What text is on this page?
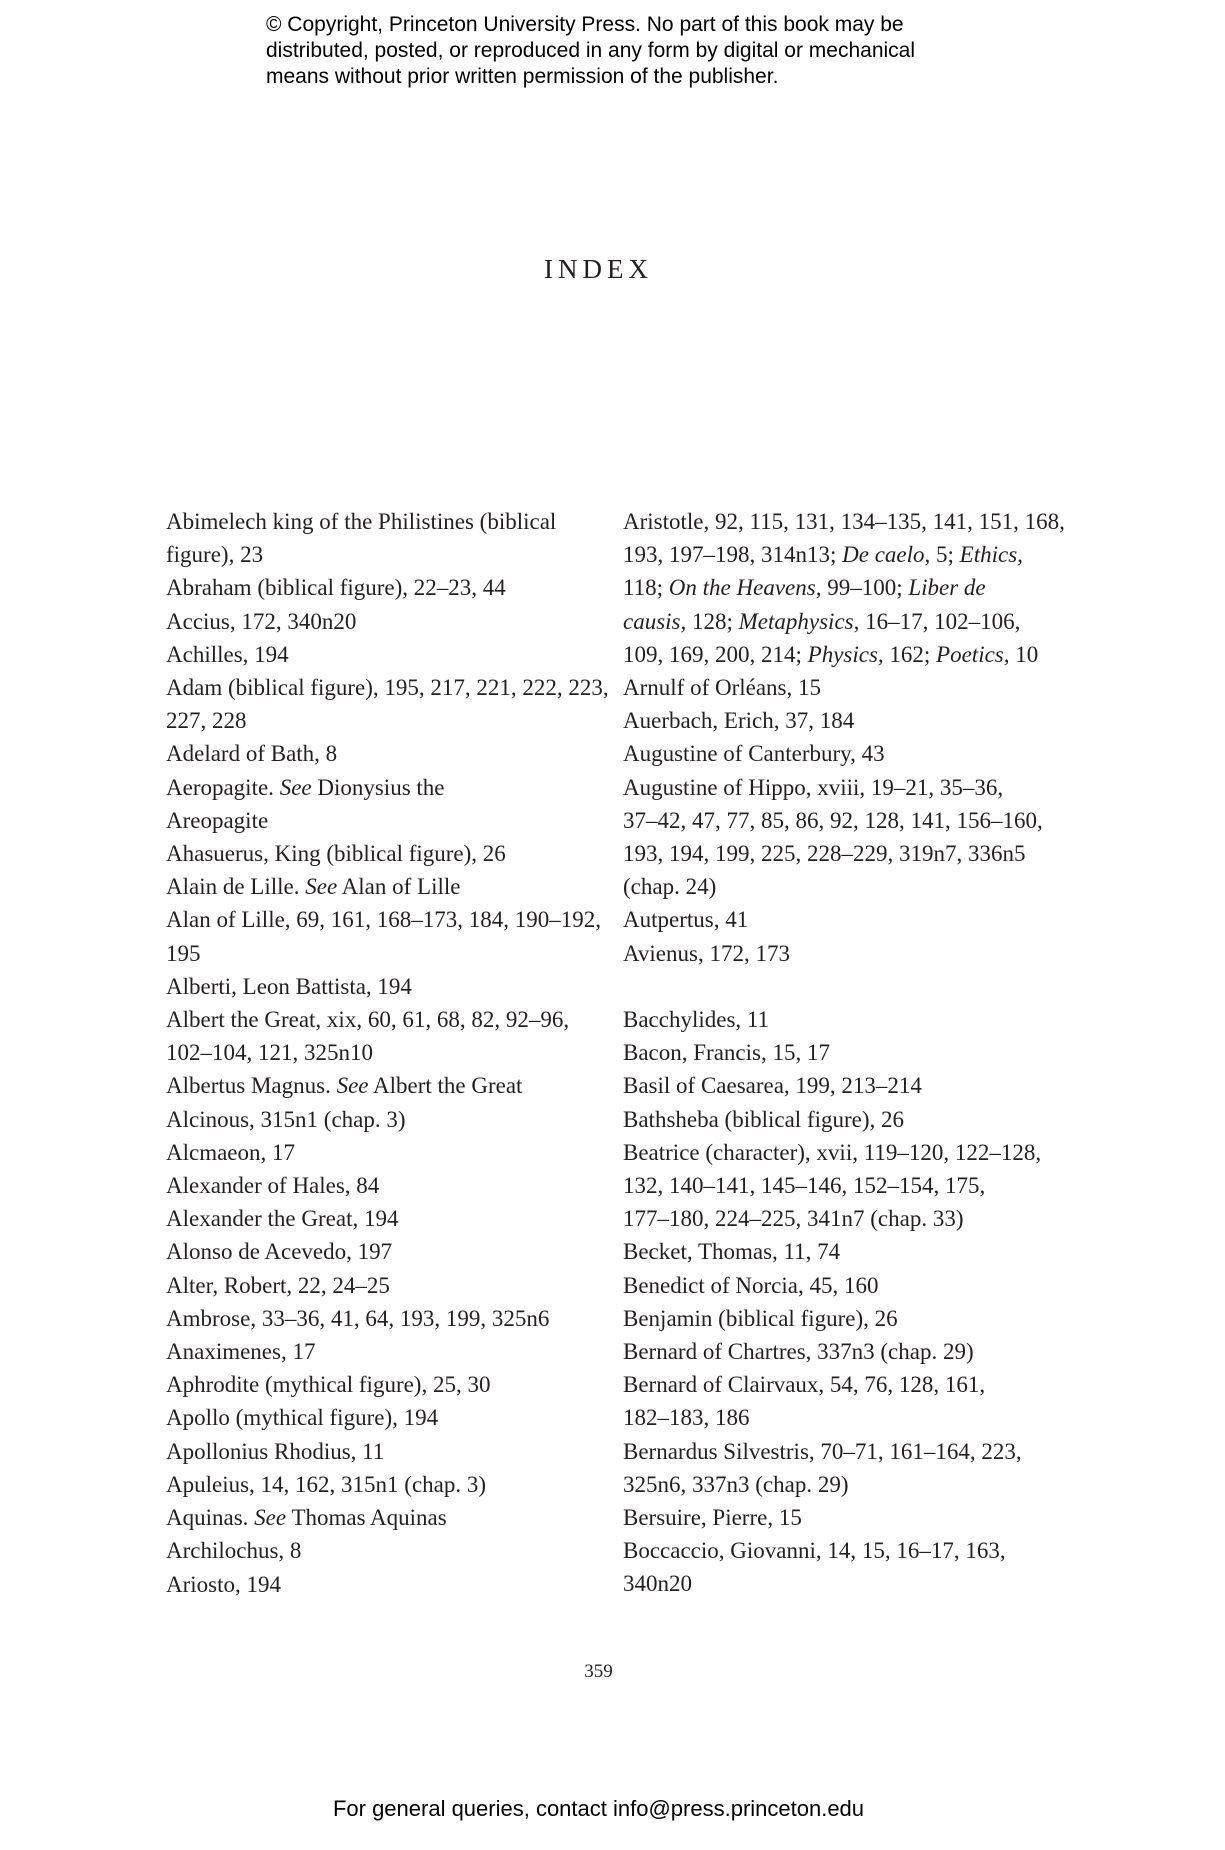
© Copyright, Princeton University Press. No part of this book may be
distributed, posted, or reproduced in any form by digital or mechanical
means without prior written permission of the publisher.
INDEX
Abimelech king of the Philistines (biblical
figure), 23
Abraham (biblical figure), 22–23, 44
Accius, 172, 340n20
Achilles, 194
Adam (biblical figure), 195, 217, 221, 222, 223,
227, 228
Adelard of Bath, 8
Aeropagite. See Dionysius the
Areopagite
Ahasuerus, King (biblical figure), 26
Alain de Lille. See Alan of Lille
Alan of Lille, 69, 161, 168–173, 184, 190–192,
195
Alberti, Leon Battista, 194
Albert the Great, xix, 60, 61, 68, 82, 92–96,
102–104, 121, 325n10
Albertus Magnus. See Albert the Great
Alcinous, 315n1 (chap. 3)
Alcmaeon, 17
Alexander of Hales, 84
Alexander the Great, 194
Alonso de Acevedo, 197
Alter, Robert, 22, 24–25
Ambrose, 33–36, 41, 64, 193, 199, 325n6
Anaximenes, 17
Aphrodite (mythical figure), 25, 30
Apollo (mythical figure), 194
Apollonius Rhodius, 11
Apuleius, 14, 162, 315n1 (chap. 3)
Aquinas. See Thomas Aquinas
Archilochus, 8
Ariosto, 194
Aristotle, 92, 115, 131, 134–135, 141, 151, 168,
193, 197–198, 314n13; De caelo, 5; Ethics,
118; On the Heavens, 99–100; Liber de
causis, 128; Metaphysics, 16–17, 102–106,
109, 169, 200, 214; Physics, 162; Poetics, 10
Arnulf of Orléans, 15
Auerbach, Erich, 37, 184
Augustine of Canterbury, 43
Augustine of Hippo, xviii, 19–21, 35–36,
37–42, 47, 77, 85, 86, 92, 128, 141, 156–160,
193, 194, 199, 225, 228–229, 319n7, 336n5
(chap. 24)
Autpertus, 41
Avienus, 172, 173
Bacchylides, 11
Bacon, Francis, 15, 17
Basil of Caesarea, 199, 213–214
Bathsheba (biblical figure), 26
Beatrice (character), xvii, 119–120, 122–128,
132, 140–141, 145–146, 152–154, 175,
177–180, 224–225, 341n7 (chap. 33)
Becket, Thomas, 11, 74
Benedict of Norcia, 45, 160
Benjamin (biblical figure), 26
Bernard of Chartres, 337n3 (chap. 29)
Bernard of Clairvaux, 54, 76, 128, 161,
182–183, 186
Bernardus Silvestris, 70–71, 161–164, 223,
325n6, 337n3 (chap. 29)
Bersuire, Pierre, 15
Boccaccio, Giovanni, 14, 15, 16–17, 163,
340n20
359
For general queries, contact info@press.princeton.edu
